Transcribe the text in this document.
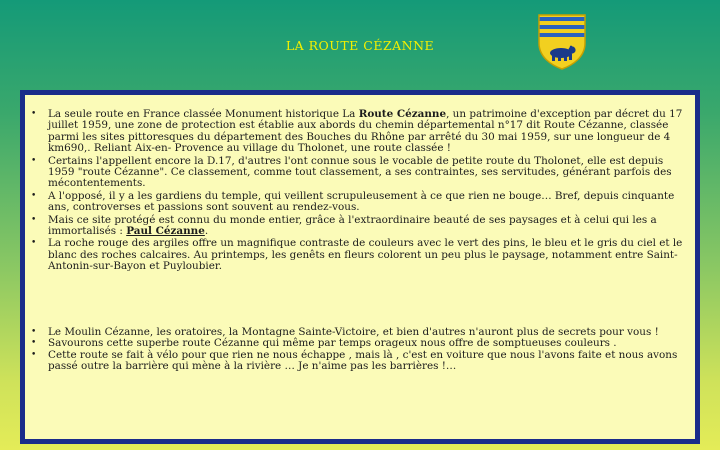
LA ROUTE CÉZANNE
• La seule route en France classée Monument historique La Route Cézanne, un patrimoine d'exception par décret du 17 juillet 1959, une zone de protection est établie aux abords du chemin départemental n°17 dit Route Cézanne, classée parmi les sites pittoresques du département des Bouches du Rhône par arrêté du 30 mai 1959, sur une longueur de 4 km690,. Reliant Aix-en- Provence au village du Tholonet, une route classée !
• Certains l'appellent encore la D.17, d'autres l'ont connue sous le vocable de petite route du Tholonet, elle est depuis 1959 "route Cézanne". Ce classement, comme tout classement, a ses contraintes, ses servitudes, générant parfois des mécontentements.
• A l'opposé, il y a les gardiens du temple, qui veillent scrupuleusement à ce que rien ne bouge… Bref, depuis cinquante ans, controverses et passions sont souvent au rendez-vous.
• Mais ce site protégé est connu du monde entier, grâce à l'extraordinaire beauté de ses paysages et à celui qui les a immortalisés : Paul Cézanne.
• La roche rouge des argiles offre un magnifique contraste de couleurs avec le vert des pins, le bleu et le gris du ciel et le blanc des roches calcaires. Au printemps, les genêts en fleurs colorent un peu plus le paysage, notamment entre Saint-Antonin-sur-Bayon et Puyloubier.
• Le Moulin Cézanne, les oratoires, la Montagne Sainte-Victoire, et bien d'autres n'auront plus de secrets pour vous !
• Savourons cette superbe route Cézanne qui même par temps orageux nous offre de somptueuses couleurs .
• Cette route se fait à vélo pour que rien ne nous échappe , mais là , c'est en voiture que nous l'avons faite et nous avons passé outre la barrière qui mène à la rivière … Je n'aime pas les barrières !…
